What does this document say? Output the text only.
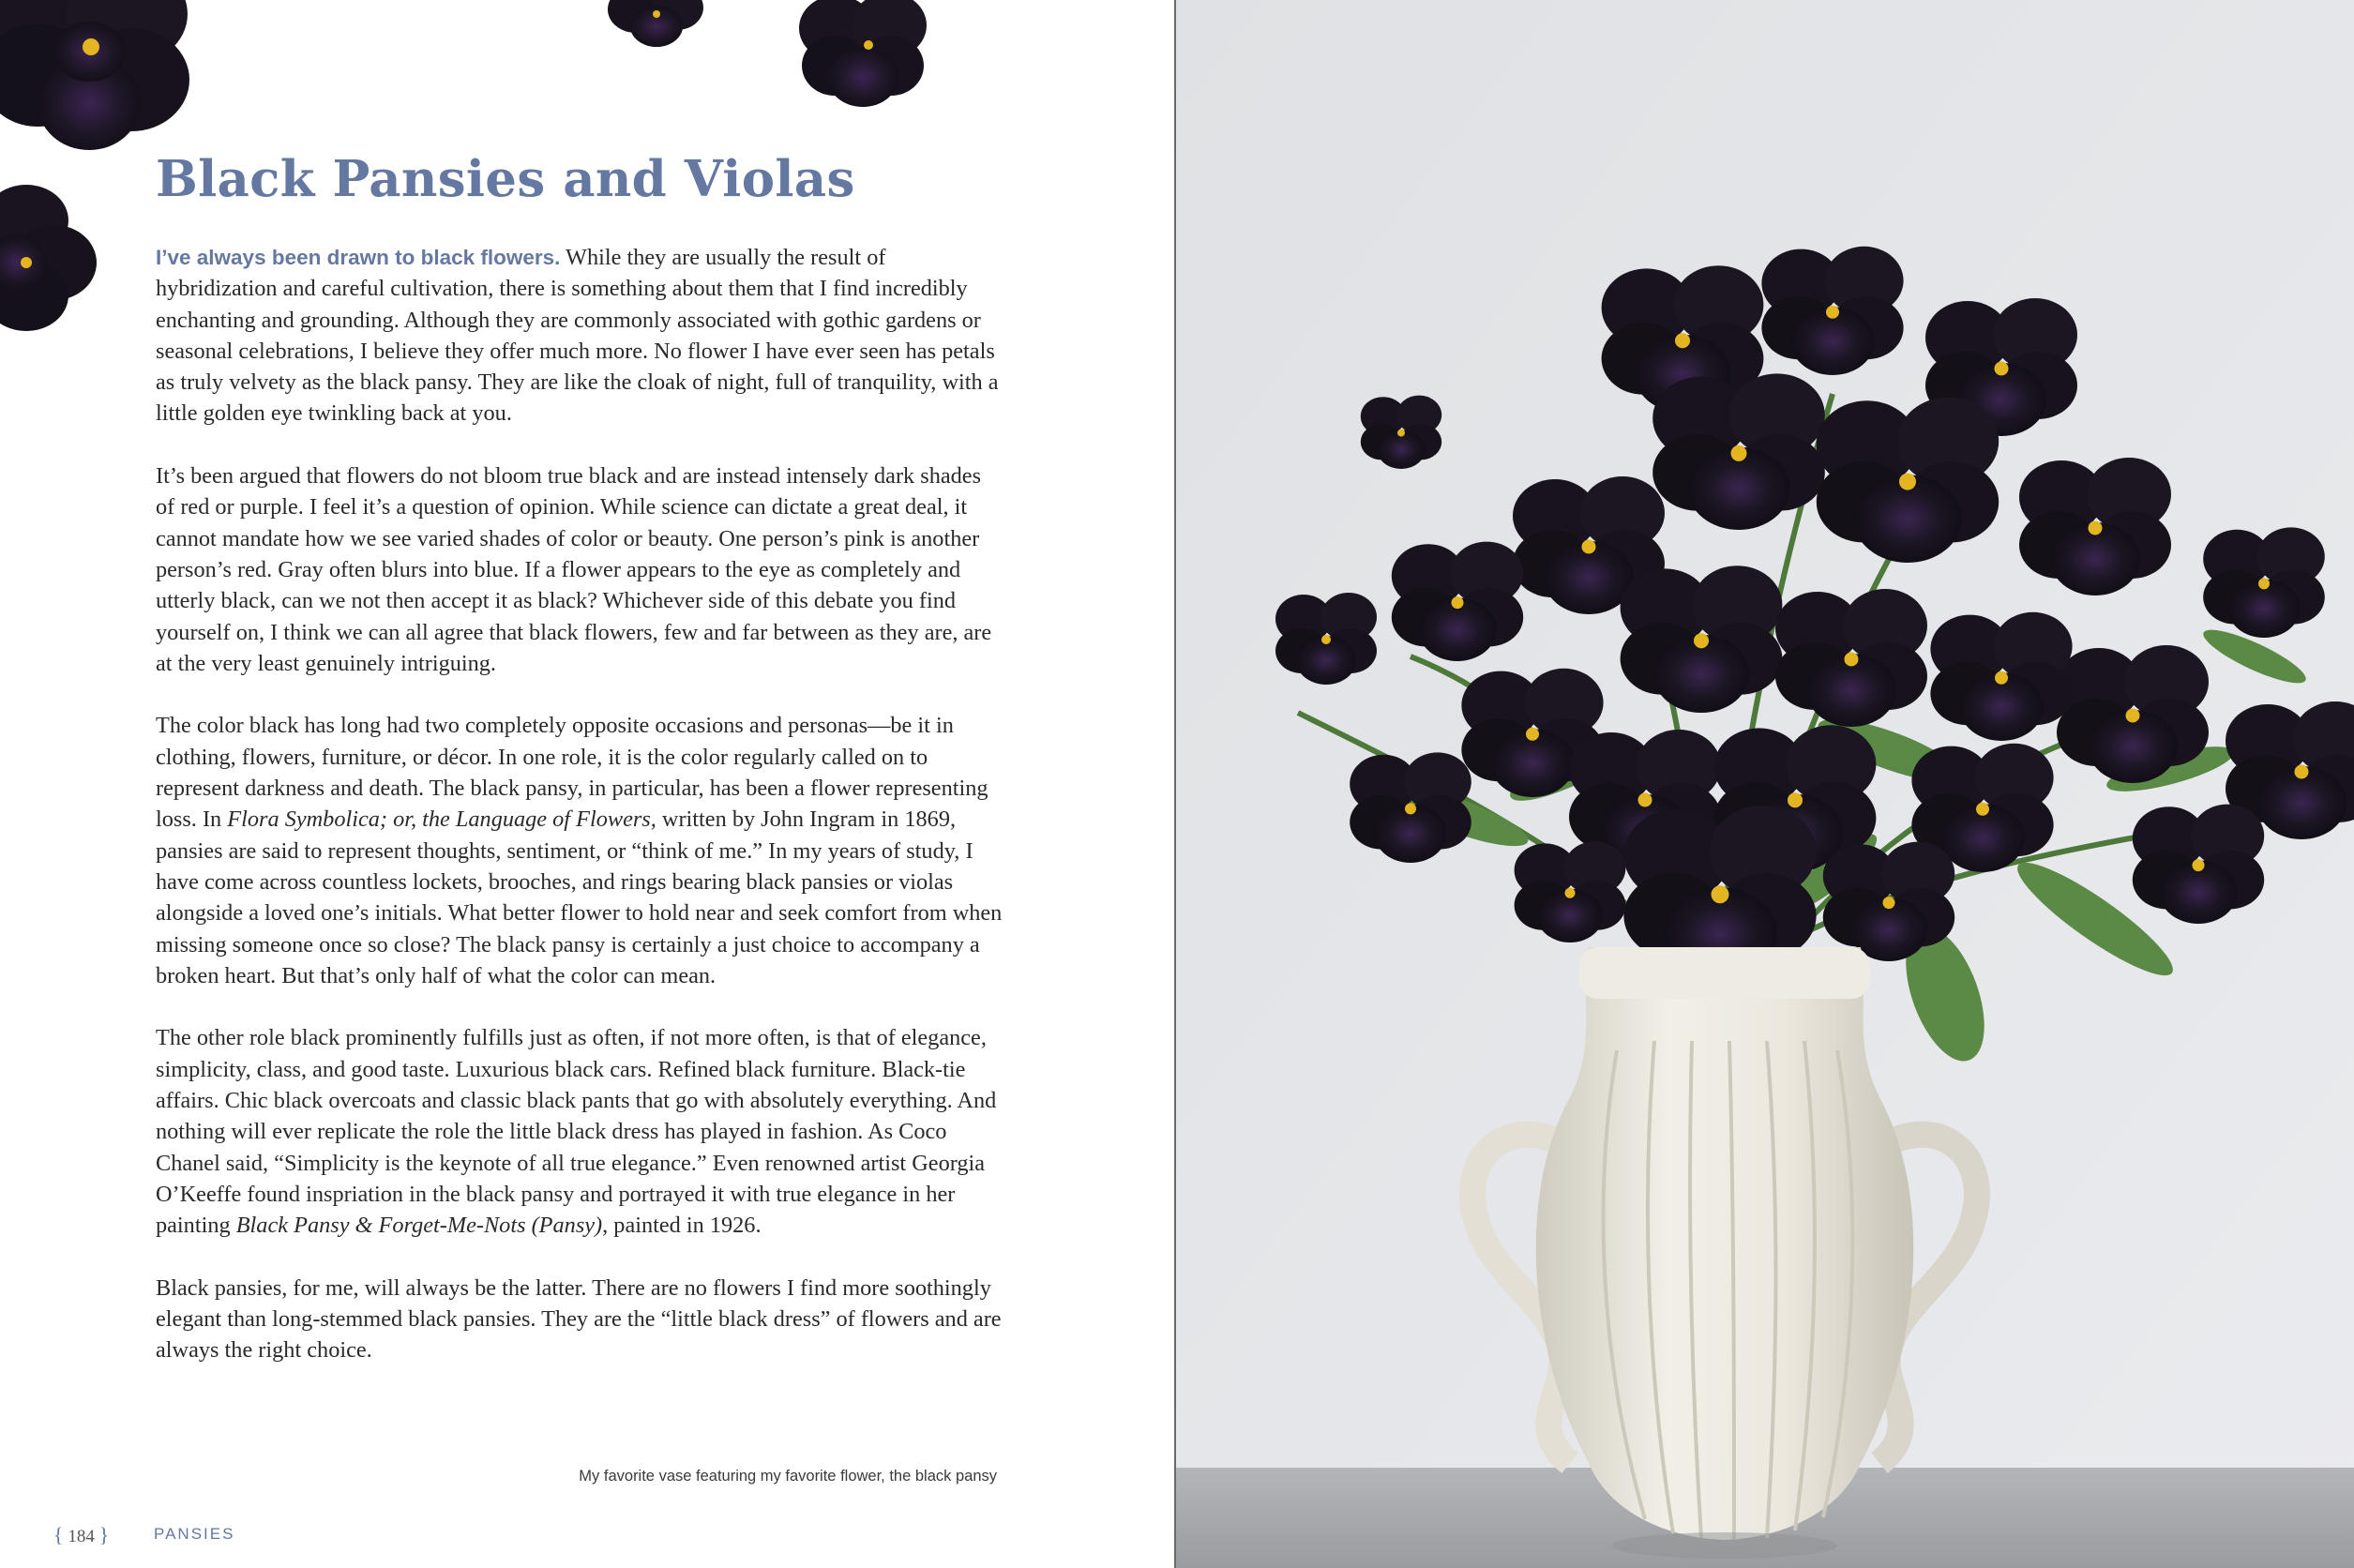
Black Pansies and Violas

I’ve always been drawn to black flowers. While they are usually the result of hybridization and careful cultivation, there is something about them that I find incredibly enchanting and grounding. Although they are commonly associated with gothic gardens or seasonal celebrations, I believe they offer much more. No flower I have ever seen has petals as truly velvety as the black pansy. They are like the cloak of night, full of tranquility, with a little golden eye twinkling back at you.

It’s been argued that flowers do not bloom true black and are instead intensely dark shades of red or purple. I feel it’s a question of opinion. While science can dictate a great deal, it cannot mandate how we see varied shades of color or beauty. One person’s pink is another person’s red. Gray often blurs into blue. If a flower appears to the eye as completely and utterly black, can we not then accept it as black? Whichever side of this debate you find yourself on, I think we can all agree that black flowers, few and far between as they are, are at the very least genuinely intriguing.

The color black has long had two completely opposite occasions and personas—be it in clothing, flowers, furniture, or décor. In one role, it is the color regularly called on to represent darkness and death. The black pansy, in particular, has been a flower representing loss. In Flora Symbolica; or, the Language of Flowers, written by John Ingram in 1869, pansies are said to represent thoughts, sentiment, or “think of me.” In my years of study, I have come across countless lockets, brooches, and rings bearing black pansies or violas alongside a loved one’s initials. What better flower to hold near and seek comfort from when missing someone once so close? The black pansy is certainly a just choice to accompany a broken heart. But that’s only half of what the color can mean.

The other role black prominently fulfills just as often, if not more often, is that of elegance, simplicity, class, and good taste. Luxurious black cars. Refined black furniture. Black-tie affairs. Chic black overcoats and classic black pants that go with absolutely everything. And nothing will ever replicate the role the little black dress has played in fashion. As Coco Chanel said, “Simplicity is the keynote of all true elegance.” Even renowned artist Georgia O’Keeffe found inspriation in the black pansy and portrayed it with true elegance in her painting Black Pansy & Forget-Me-Nots (Pansy), painted in 1926.

Black pansies, for me, will always be the latter. There are no flowers I find more soothingly elegant than long-stemmed black pansies. They are the “little black dress” of flowers and are always the right choice.

My favorite vase featuring my favorite flower, the black pansy
{ 184 }	PANSIES
